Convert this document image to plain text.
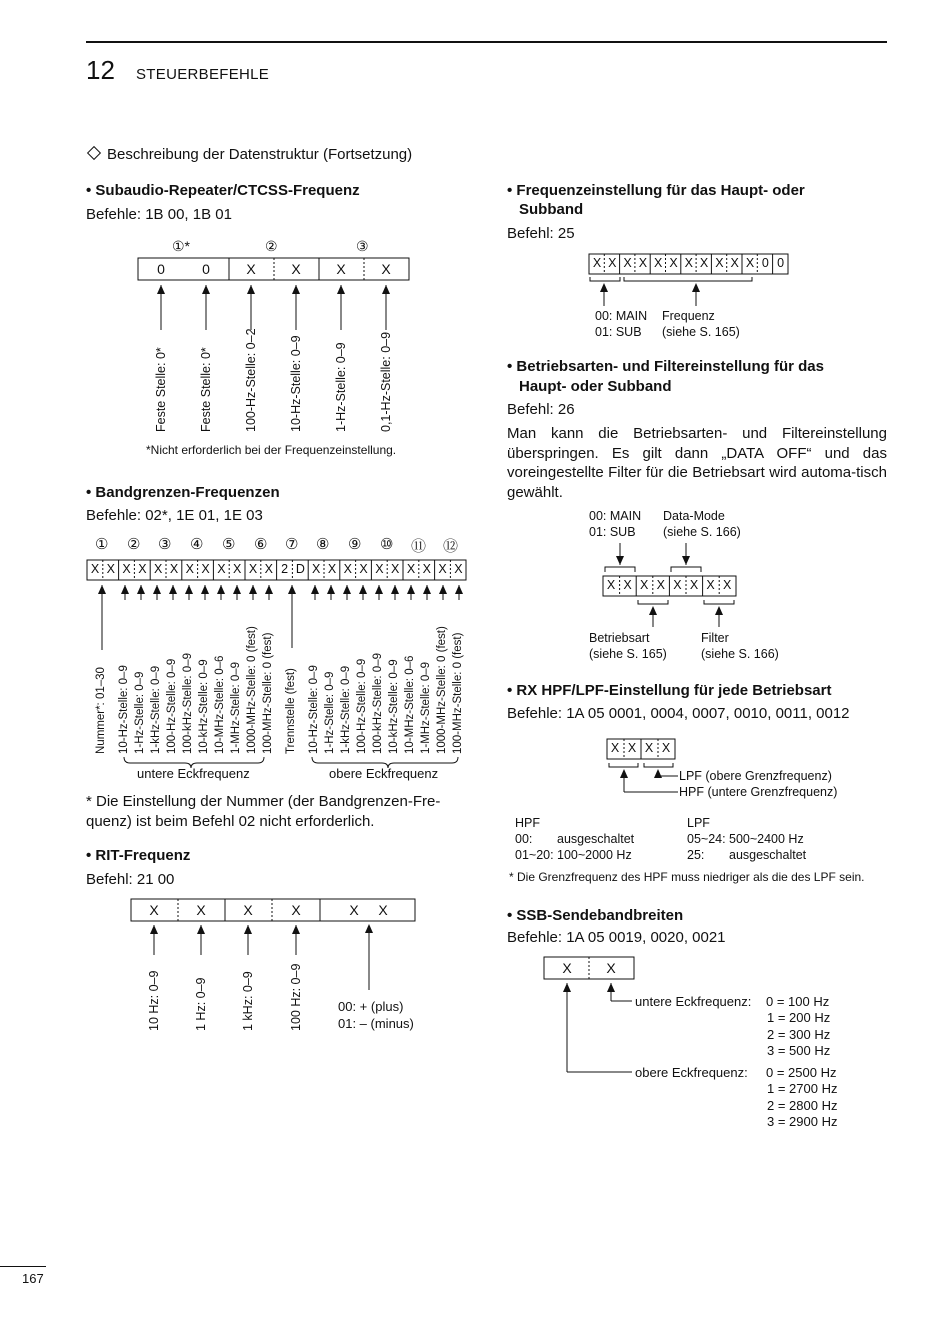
12 STEUERBEFEHLE
Beschreibung der Datenstruktur (Fortsetzung)
• Subaudio-Repeater/CTCSS-Frequenz
Befehle: 1B 00, 1B 01
①*	②	③
0	0	X	X	X	X
Feste Stelle: 0* Feste Stelle: 0* 100-Hz-Stelle: 0–2 10-Hz-Stelle: 0–9 1-Hz-Stelle: 0–9 0,1-Hz-Stelle: 0–9
*Nicht erforderlich bei der Frequenzeinstellung.
• Bandgrenzen-Frequenzen
Befehle: 02*, 1E 01, 1E 03
① ② ③ ④ ⑤ ⑥ ⑦ ⑧ ⑨ ⑩ ⑪ ⑫
X X X X X X X X X X X X 2 D X X X X X X X X X X
Nummer*: 01–30 10-Hz-Stelle: 0–9 1-Hz-Stelle: 0–9 1-kHz-Stelle: 0–9 100-Hz-Stelle: 0–9 100-kHz-Stelle: 0–9 10-kHz-Stelle: 0–9 10-MHz-Stelle: 0–6 1-MHz-Stelle: 0–9 1000-MHz-Stelle: 0 (fest) 100-MHz-Stelle: 0 (fest) Trennstelle (fest) 10-Hz-Stelle: 0–9 1-Hz-Stelle: 0–9 1-kHz-Stelle: 0–9 100-Hz-Stelle: 0–9 100-kHz-Stelle: 0–9 10-kHz-Stelle: 0–9 10-MHz-Stelle: 0–6 1-MHz-Stelle: 0–9 1000-MHz-Stelle: 0 (fest) 100-MHz-Stelle: 0 (fest)
untere Eckfrequenz	obere Eckfrequenz
* Die Einstellung der Nummer (der Bandgrenzen-Fre-
quenz) ist beim Befehl 02 nicht erforderlich.
• RIT-Frequenz
Befehl: 21 00
X	X	X	X	X X
10 Hz: 0–9	1 Hz: 0–9	1 kHz: 0–9	100 Hz: 0–9	00: + (plus)
01: – (minus)
• Frequenzeinstellung für das Haupt- oder
Subband
Befehl: 25
X X X X X X X X X X X 0 0
00: MAIN
01: SUB
Frequenz
(siehe S. 165)
• Betriebsarten- und Filtereinstellung für das
Haupt- oder Subband
Befehl: 26
Man kann die Betriebsarten- und Filtereinstellung überspringen. Es gilt dann „DATA OFF“ und das voreingestellte Filter für die Betriebsart wird automa-tisch gewählt.
00: MAIN
01: SUB
Data-Mode
(siehe S. 166)
X X X X X X X X
Betriebsart
(siehe S. 165)
Filter
(siehe S. 166)
• RX HPF/LPF-Einstellung für jede Betriebsart
Befehle: 1A 05 0001, 0004, 0007, 0010, 0011, 0012
X X X X
LPF (obere Grenzfrequenz)
HPF (untere Grenzfrequenz)
HPF
00: ausgeschaltet
01~20: 100~2000 Hz
LPF
05~24: 500~2400 Hz
25: ausgeschaltet
* Die Grenzfrequenz des HPF muss niedriger als die des LPF sein.
• SSB-Sendebandbreiten
Befehle: 1A 05 0019, 0020, 0021
X X
untere Eckfrequenz: 0 = 100 Hz
1 = 200 Hz
2 = 300 Hz
3 = 500 Hz
obere Eckfrequenz: 0 = 2500 Hz
1 = 2700 Hz
2 = 2800 Hz
3 = 2900 Hz
167
